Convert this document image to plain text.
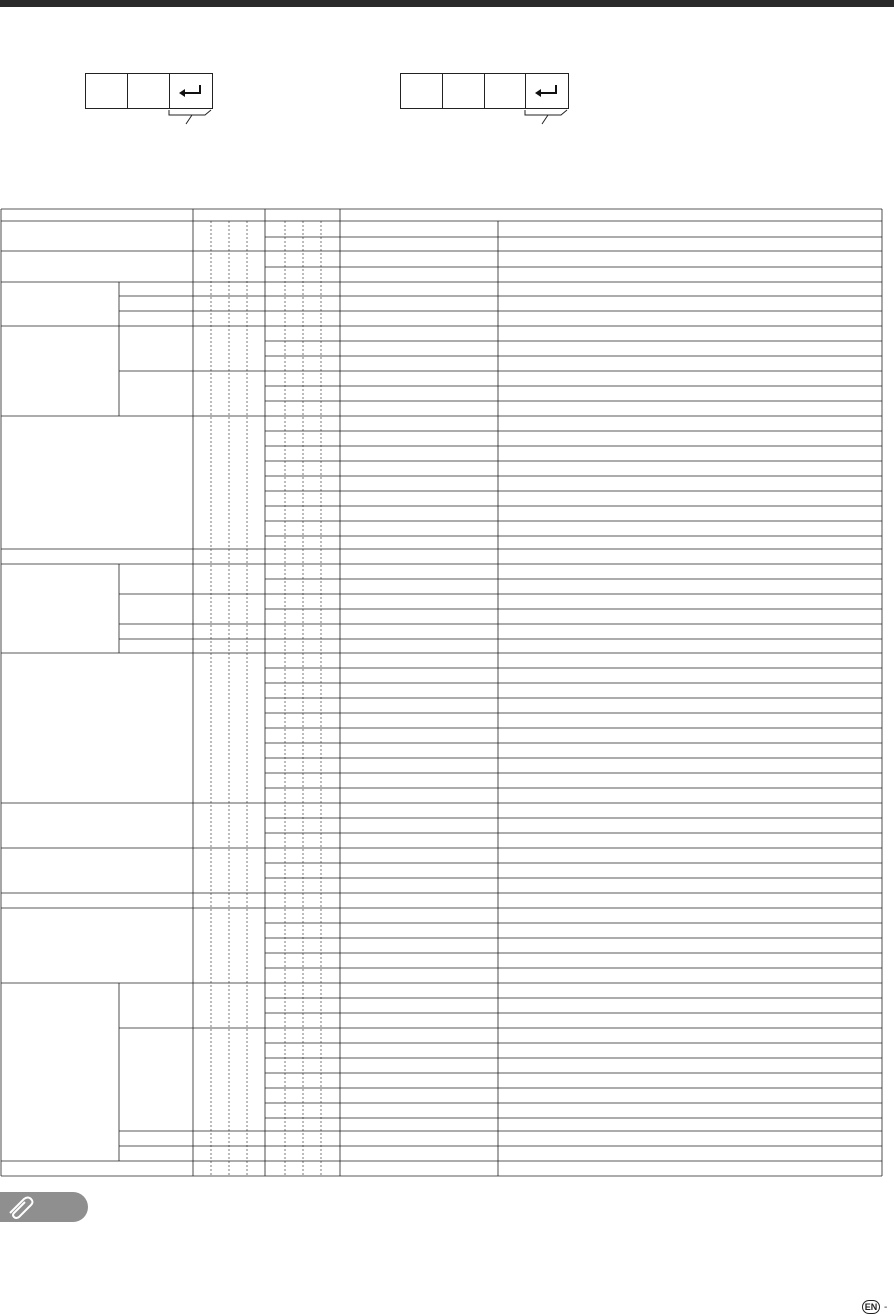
EN -
